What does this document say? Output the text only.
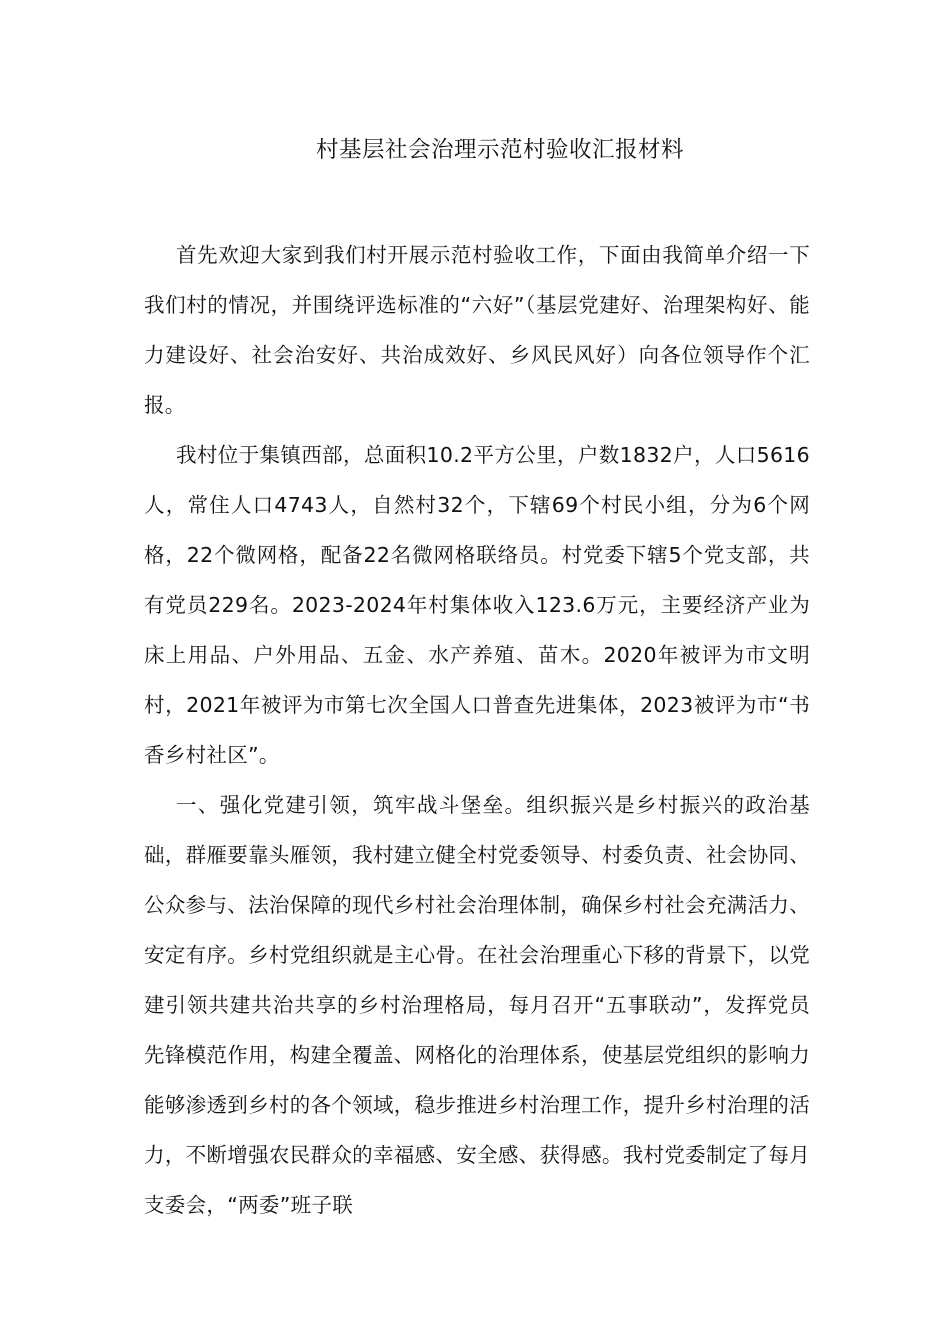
村基层社会治理示范村验收汇报材料

首先欢迎大家到我们村开展示范村验收工作，下面由我简单介绍一下我们村的情况，并围绕评选标准的“六好”（基层党建好、治理架构好、能力建设好、社会治安好、共治成效好、乡风民风好）向各位领导作个汇报。

我村位于集镇西部，总面积10.2平方公里，户数1832户，人口5616人，常住人口4743人，自然村32个，下辖69个村民小组，分为6个网格，22个微网格，配备22名微网格联络员。村党委下辖5个党支部，共有党员229名。2023-2024年村集体收入123.6万元，主要经济产业为床上用品、户外用品、五金、水产养殖、苗木。2020年被评为市文明村，2021年被评为市第七次全国人口普查先进集体，2023被评为市“书香乡村社区”。

一、强化党建引领，筑牢战斗堡垒。组织振兴是乡村振兴的政治基础，群雁要靠头雁领，我村建立健全村党委领导、村委负责、社会协同、公众参与、法治保障的现代乡村社会治理体制，确保乡村社会充满活力、安定有序。乡村党组织就是主心骨。在社会治理重心下移的背景下，以党建引领共建共治共享的乡村治理格局，每月召开“五事联动”，发挥党员先锋模范作用，构建全覆盖、网格化的治理体系，使基层党组织的影响力能够渗透到乡村的各个领域，稳步推进乡村治理工作，提升乡村治理的活力，不断增强农民群众的幸福感、安全感、获得感。我村党委制定了每月支委会，“两委”班子联
